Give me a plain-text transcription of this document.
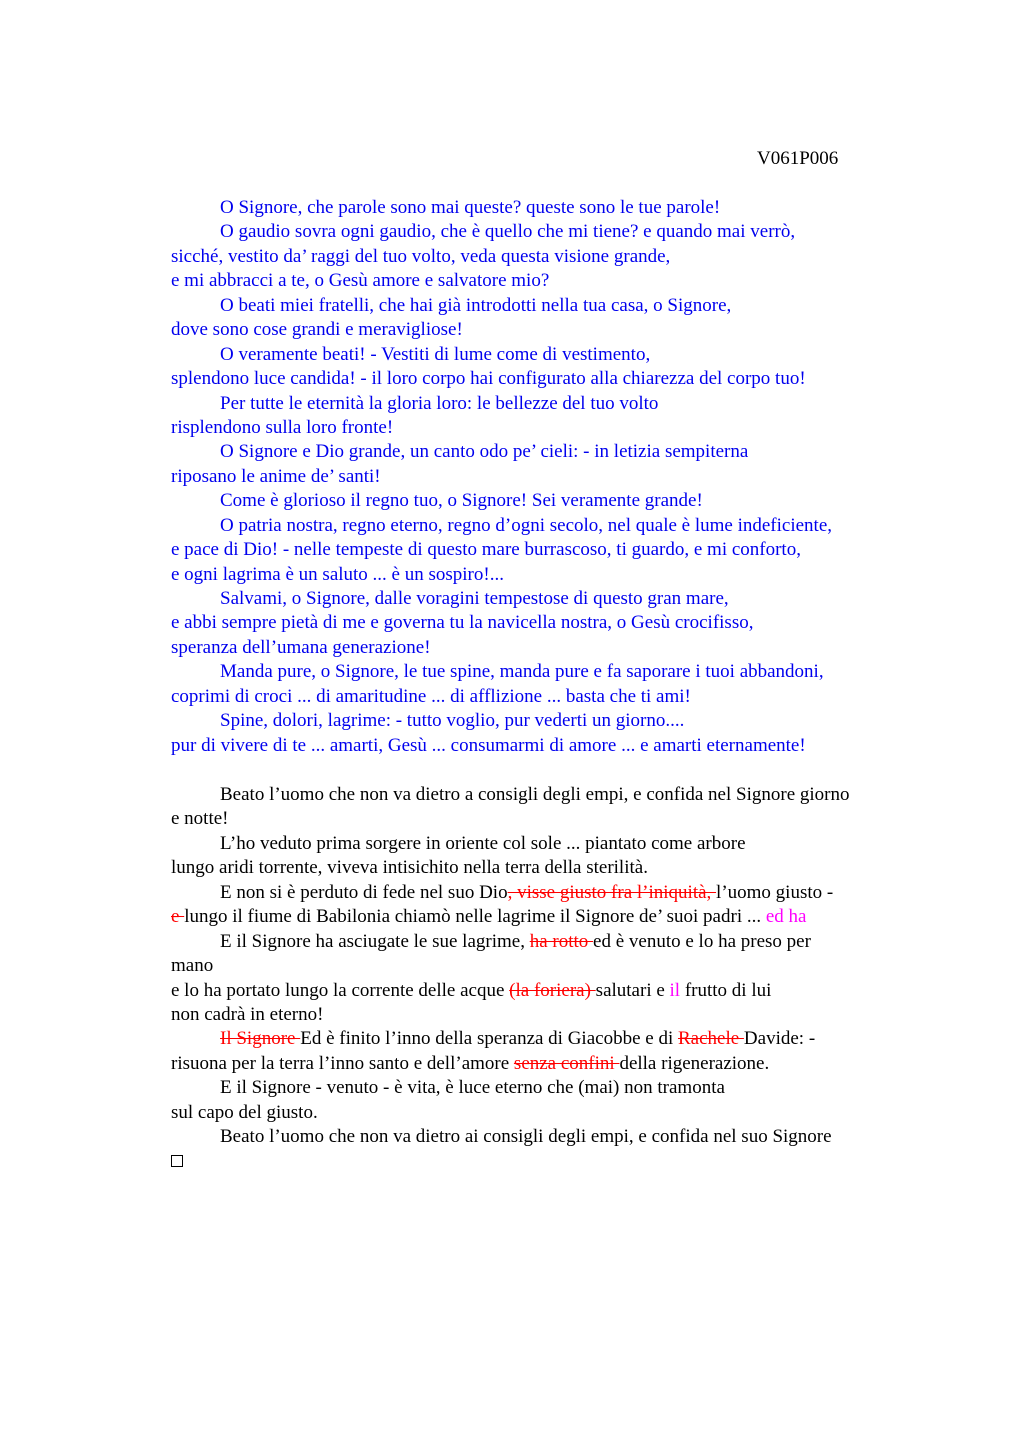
V061P006
O Signore, che parole sono mai queste? queste sono le tue parole!
O gaudio sovra ogni gaudio, che è quello che mi tiene? e quando mai verrò,
sicché, vestito da’ raggi del tuo volto, veda questa visione grande,
e mi abbracci a te, o Gesù amore e salvatore mio?
O beati miei fratelli, che hai già introdotti nella tua casa, o Signore,
dove sono cose grandi e meravigliose!
O veramente beati! - Vestiti di lume come di vestimento,
splendono luce candida! - il loro corpo hai configurato alla chiarezza del corpo tuo!
Per tutte le eternità la gloria loro: le bellezze del tuo volto
risplendono sulla loro fronte!
O Signore e Dio grande, un canto odo pe’ cieli: - in letizia sempiterna
riposano le anime de’ santi!
Come è glorioso il regno tuo, o Signore! Sei veramente grande!
O patria nostra, regno eterno, regno d’ogni secolo, nel quale è lume indeficiente,
e pace di Dio! - nelle tempeste di questo mare burrascoso, ti guardo, e mi conforto,
e ogni lagrima è un saluto ... è un sospiro!...
Salvami, o Signore, dalle voragini tempestose di questo gran mare,
e abbi sempre pietà di me e governa tu la navicella nostra, o Gesù crocifisso,
speranza dell’umana generazione!
Manda pure, o Signore, le tue spine, manda pure e fa saporare i tuoi abbandoni,
coprimi di croci ... di amaritudine ... di afflizione ... basta che ti ami!
Spine, dolori, lagrime: - tutto voglio, pur vederti un giorno....
pur di vivere di te ... amarti, Gesù ... consumarmi di amore ... e amarti eternamente!
Beato l’uomo che non va dietro a consigli degli empi, e confida nel Signore giorno
e notte!
L’ho veduto prima sorgere in oriente col sole ... piantato come arbore
lungo aridi torrente, viveva intisichito nella terra della sterilità.
E non si è perduto di fede nel suo Dio, visse giusto fra l’iniquità, l’uomo giusto -
e lungo il fiume di Babilonia chiamò nelle lagrime il Signore de’ suoi padri ... ed ha
E il Signore ha asciugate le sue lagrime, ha rotto ed è venuto e lo ha preso per
mano
e lo ha portato lungo la corrente delle acque (la foriera) salutari e il frutto di lui
non cadrà in eterno!
Il Signore Ed è finito l’inno della speranza di Giacobbe e di Rachele Davide: -
risuona per la terra l’inno santo e dell’amore senza confini della rigenerazione.
E il Signore - venuto - è vita, è luce eterno che (mai) non tramonta
sul capo del giusto.
Beato l’uomo che non va dietro ai consigli degli empi, e confida nel suo Signore
